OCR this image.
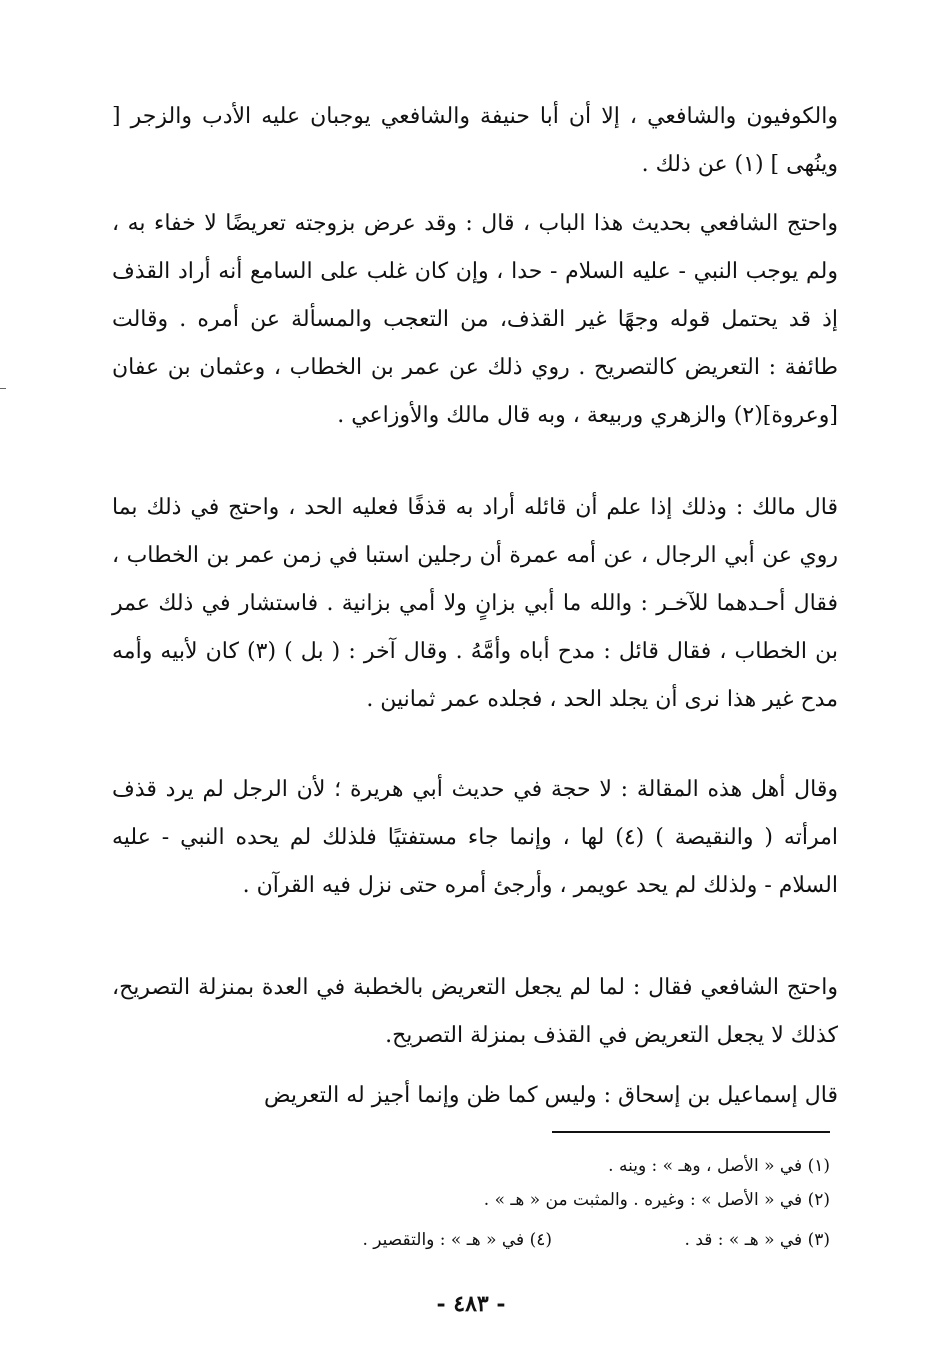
والكوفيون والشافعي ، إلا أن أبا حنيفة والشافعي يوجبان عليه الأدب والزجر [ وينُهى ] (١) عن ذلك .

واحتج الشافعي بحديث هذا الباب ، قال : وقد عرض بزوجته تعريضًا لا خفاء به ، ولم يوجب النبي - عليه السلام - حدا ، وإن كان غلب على السامع أنه أراد القذف إذ قد يحتمل قوله وجهًا غير القذف، من التعجب والمسألة عن أمره . وقالت طائفة : التعريض كالتصريح . روي ذلك عن عمر بن الخطاب ، وعثمان بن عفان [وعروة](٢) والزهري وربيعة ، وبه قال مالك والأوزاعي .

قال مالك : وذلك إذا علم أن قائله أراد به قذفًا فعليه الحد ، واحتج في ذلك بما روي عن أبي الرجال ، عن أمه عمرة أن رجلين استبا في زمن عمر بن الخطاب ، فقال أحـدهما للآخـر : والله ما أبي بزانٍ ولا أمي بزانية . فاستشار في ذلك عمر بن الخطاب ، فقال قائل : مدح أباه وأمَّهُ . وقال آخر : ( بل ) (٣) كان لأبيه وأمه مدح غير هذا نرى أن يجلد الحد ، فجلده عمر ثمانين .

وقال أهل هذه المقالة : لا حجة في حديث أبي هريرة ؛ لأن الرجل لم يرد قذف امرأته ( والنقيصة ) (٤) لها ، وإنما جاء مستفتيًا فلذلك لم يحده النبي - عليه السلام - ولذلك لم يحد عويمر ، وأرجئ أمره حتى نزل فيه القرآن .

واحتج الشافعي فقال : لما لم يجعل التعريض بالخطبة في العدة بمنزلة التصريح، كذلك لا يجعل التعريض في القذف بمنزلة التصريح.

قال إسماعيل بن إسحاق : وليس كما ظن وإنما أجيز له التعريض

(١) في « الأصل ، وهـ » : وينه .
(٢) في « الأصل » : وغيره . والمثبت من « هـ » .
(٣) في « هـ » : قد .
(٤) في « هـ » : والتقصير .
- ٤٨٣ -
